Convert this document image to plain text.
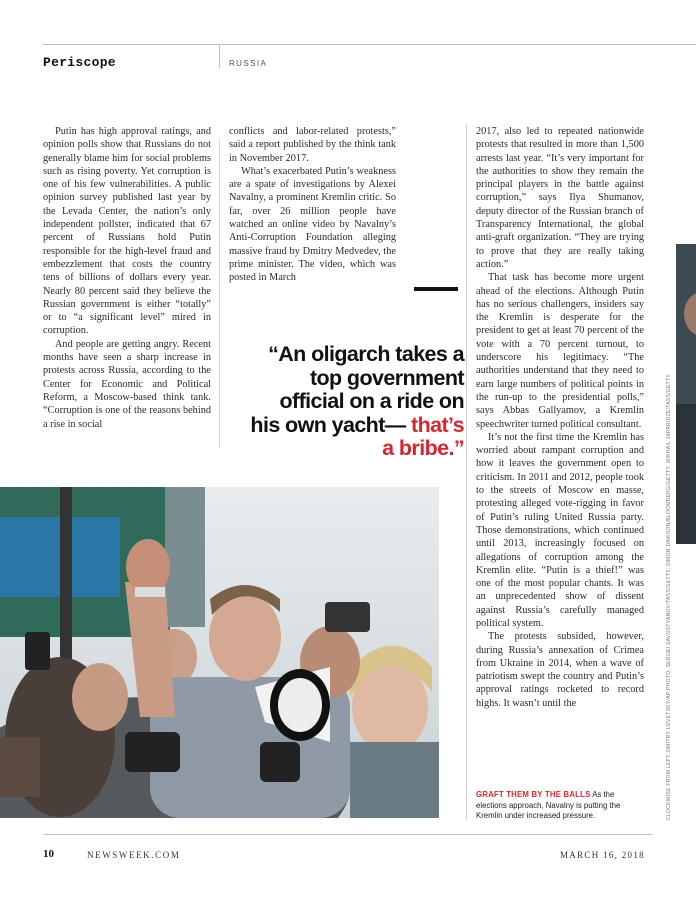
Periscope	RUSSIA

Putin has high approval ratings, and opinion polls show that Russians do not generally blame him for social problems such as rising poverty. Yet corruption is one of his few vulnerabilities. A public opinion survey published last year by the Levada Center, the nation’s only independent pollster, indicated that 67 percent of Russians hold Putin responsible for the high-level fraud and embezzlement that costs the country tens of billions of dollars every year. Nearly 80 percent said they believe the Russian government is either “totally” or to “a significant level” mired in corruption.

And people are getting angry. Recent months have seen a sharp increase in protests across Russia, according to the Center for Economic and Political Reform, a Moscow-based think tank. “Corruption is one of the reasons behind a rise in social

conflicts and labor-related protests,” said a report published by the think tank in November 2017.

What’s exacerbated Putin’s weakness are a spate of investigations by Alexei Navalny, a prominent Kremlin critic. So far, over 26 million people have watched an online video by Navalny’s Anti-Corruption Foundation alleging massive fraud by Dmitry Medvedev, the prime minister. The video, which was posted in March

“An oligarch takes a top government official on a ride on his own yacht— that’s a bribe.”

2017, also led to repeated nationwide protests that resulted in more than 1,500 arrests last year. “It’s very important for the authorities to show they remain the principal players in the battle against corruption,” says Ilya Shumanov, deputy director of the Russian branch of Transparency International, the global anti-graft organization. “They are trying to prove that they are really taking action.”

That task has become more urgent ahead of the elections. Although Putin has no serious challengers, insiders say the Kremlin is desperate for the president to get at least 70 percent of the vote with a 70 percent turnout, to underscore his legitimacy. “The authorities understand that they need to earn large numbers of political points in the run-up to the presidential polls,” says Abbas Gallyamov, a Kremlin speechwriter turned political consultant.

It’s not the first time the Kremlin has worried about rampant corruption and how it leaves the government open to criticism. In 2011 and 2012, people took to the streets of Moscow en masse, protesting alleged vote-rigging in favor of Putin’s ruling United Russia party. Those demonstrations, which continued until 2013, increasingly focused on allegations of corruption among the Kremlin elite. “Putin is a thief!” was one of the most popular chants. It was an unprecedented show of dissent against Russia’s carefully managed political system.

The protests subsided, however, during Russia’s annexation of Crimea from Ukraine in 2014, when a wave of patriotism swept the country and Putin’s approval ratings rocketed to record highs. It wasn’t until the	CLOCKWISE FROM LEFT: DMITRY LOVETSKY/AP PHOTO; SERGEI SAVOSTYANOV/TASS/GETTY; SIMON DAWSON/BLOOMBERG/GETTY; MIKHAIL JAPARIDZE/TASS/GETTY
GRAFT THEM BY THE BALLS As the elections approach, Navalny is putting the Kremlin under increased pressure.
10	NEWSWEEK.COM	MARCH 16, 2018
